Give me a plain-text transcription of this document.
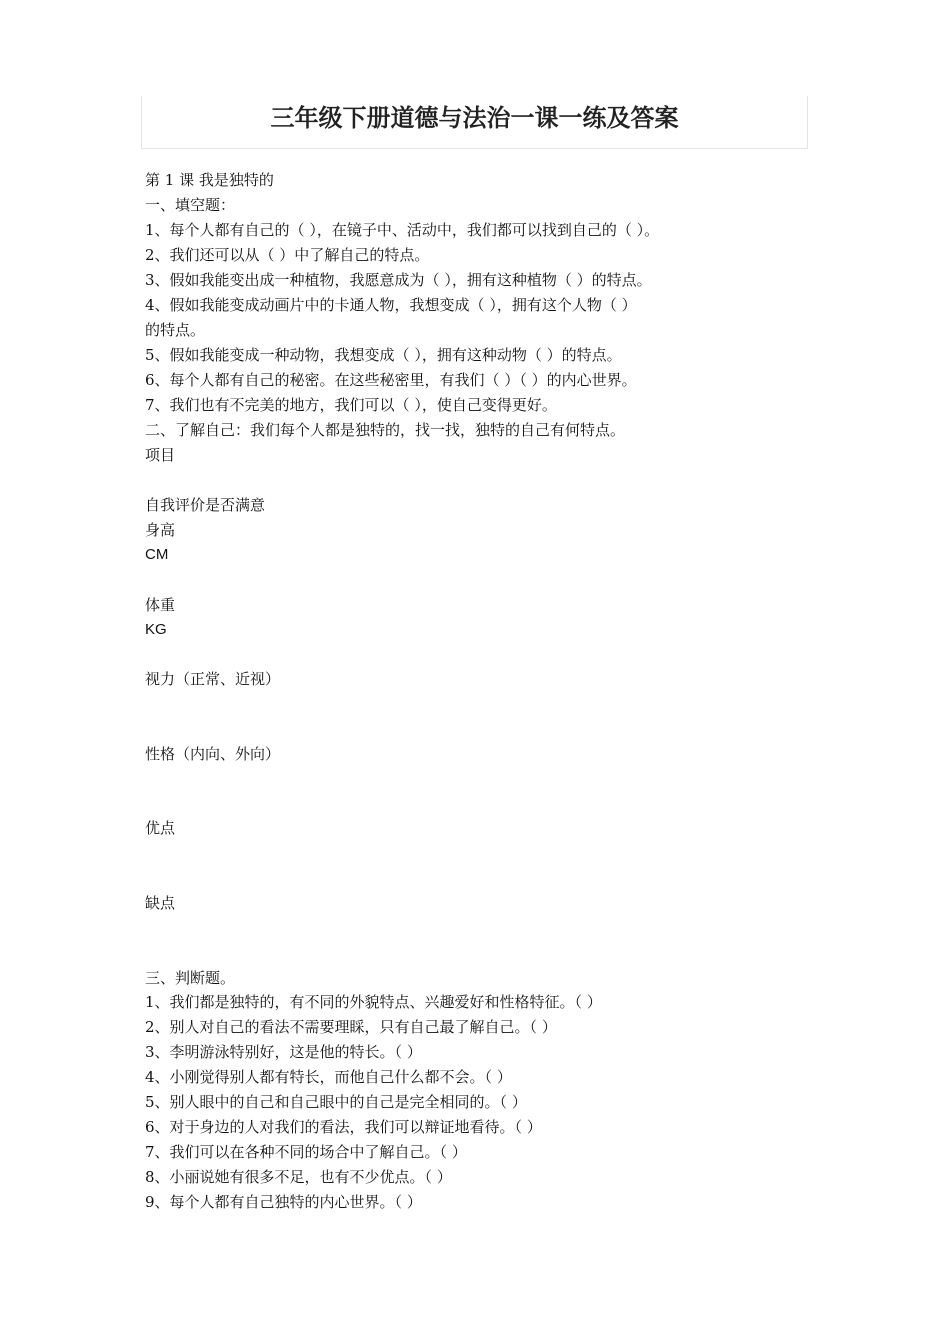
三年级下册道德与法治一课一练及答案
第 1 课 我是独特的
一、填空题：
1、每个人都有自己的（ ），在镜子中、活动中，我们都可以找到自己的（ ）。
2、我们还可以从（ ）中了解自己的特点。
3、假如我能变出成一种植物，我愿意成为（ ），拥有这种植物（ ）的特点。
4、假如我能变成动画片中的卡通人物，我想变成（ ），拥有这个人物（ ）
的特点。
5、假如我能变成一种动物，我想变成（ ），拥有这种动物（ ）的特点。
6、每个人都有自己的秘密。在这些秘密里，有我们（ ）（ ）的内心世界。
7、我们也有不完美的地方，我们可以（ ），使自己变得更好。
二、了解自己：我们每个人都是独特的，找一找，独特的自己有何特点。
项目
自我评价是否满意
身高
CM
体重
KG
视力（正常、近视）
性格（内向、外向）
优点
缺点
三、判断题。
1、我们都是独特的，有不同的外貌特点、兴趣爱好和性格特征。（ ）
2、别人对自己的看法不需要理睬，只有自己最了解自己。（ ）
3、李明游泳特别好，这是他的特长。（ ）
4、小刚觉得别人都有特长，而他自己什么都不会。（ ）
5、别人眼中的自己和自己眼中的自己是完全相同的。（ ）
6、对于身边的人对我们的看法，我们可以辩证地看待。（ ）
7、我们可以在各种不同的场合中了解自己。（ ）
8、小丽说她有很多不足，也有不少优点。（ ）
9、每个人都有自己独特的内心世界。（ ）
